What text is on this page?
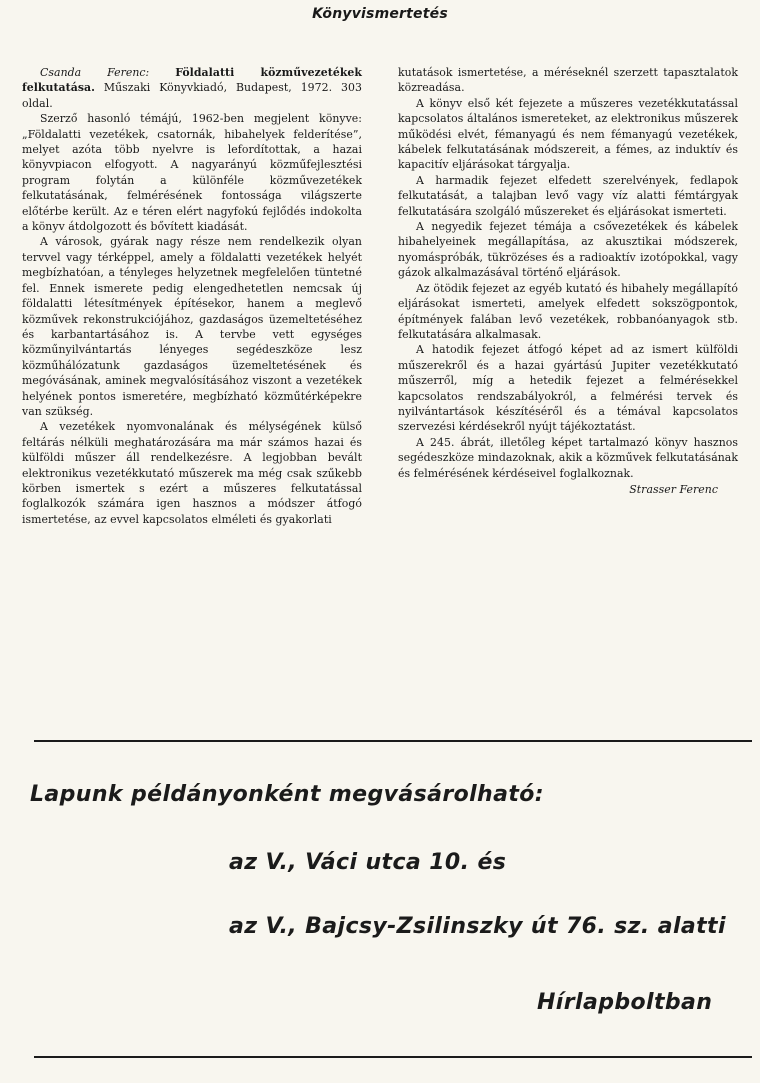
Könyvismertetés

Csanda Ferenc: Földalatti közművezetékek felkutatása. Műszaki Könyvkiadó, Budapest, 1972. 303 oldal.

Szerző hasonló témájú, 1962-ben megjelent könyve: „Földalatti vezetékek, csatornák, hibahelyek felderítése”, melyet azóta több nyelvre is lefordítottak, a hazai könyvpiacon elfogyott. A nagyarányú közműfejlesztési program folytán a különféle közművezetékek felkutatásának, felmérésének fontossága világszerte előtérbe került. Az e téren elért nagyfokú fejlődés indokolta a könyv átdolgozott és bővített kiadását.

A városok, gyárak nagy része nem rendelkezik olyan tervvel vagy térképpel, amely a földalatti vezetékek helyét megbízhatóan, a tényleges helyzetnek megfelelően tüntetné fel. Ennek ismerete pedig elengedhetetlen nemcsak új földalatti létesítmények építésekor, hanem a meglevő közművek rekonstrukciójához, gazdaságos üzemeltetéséhez és karbantartásához is. A tervbe vett egységes közműnyilvántartás lényeges segédeszköze lesz közműhálózatunk gazdaságos üzemeltetésének és megóvásának, aminek megvalósításához viszont a vezetékek helyének pontos ismeretére, megbízható közműtérképekre van szükség.

A vezetékek nyomvonalának és mélységének külső feltárás nélküli meghatározására ma már számos hazai és külföldi műszer áll rendelkezésre. A legjobban bevált elektronikus vezetékkutató műszerek ma még csak szűkebb körben ismertek s ezért a műszeres felkutatással foglalkozók számára igen hasznos a módszer átfogó ismertetése, az evvel kapcsolatos elméleti és gyakorlati

kutatások ismertetése, a méréseknél szerzett tapasztalatok közreadása.

A könyv első két fejezete a műszeres vezetékkutatással kapcsolatos általános ismereteket, az elektronikus műszerek működési elvét, fémanyagú és nem fémanyagú vezetékek, kábelek felkutatásának módszereit, a fémes, az induktív és kapacitív eljárásokat tárgyalja.

A harmadik fejezet elfedett szerelvények, fedlapok felkutatását, a talajban levő vagy víz alatti fémtárgyak felkutatására szolgáló műszereket és eljárásokat ismerteti.

A negyedik fejezet témája a csővezetékek és kábelek hibahelyeinek megállapítása, az akusztikai módszerek, nyomáspróbák, tükrözéses és a radioaktív izotópokkal, vagy gázok alkalmazásával történő eljárások.

Az ötödik fejezet az egyéb kutató és hibahely megállapító eljárásokat ismerteti, amelyek elfedett sokszögpontok, építmények falában levő vezetékek, robbanóanyagok stb. felkutatására alkalmasak.

A hatodik fejezet átfogó képet ad az ismert külföldi műszerekről és a hazai gyártású Jupiter vezetékkutató műszerről, míg a hetedik fejezet a felmérésekkel kapcsolatos rendszabályokról, a felmérési tervek és nyilvántartások készítéséről és a témával kapcsolatos szervezési kérdésekről nyújt tájékoztatást.

A 245. ábrát, illetőleg képet tartalmazó könyv hasznos segédeszköze mindazoknak, akik a közművek felkutatásának és felmérésének kérdéseivel foglalkoznak.

Strasser Ferenc
Lapunk példányonként megvásárolható:
az V., Váci utca 10. és
az V., Bajcsy-Zsilinszky út 76. sz. alatti
Hírlapboltban
